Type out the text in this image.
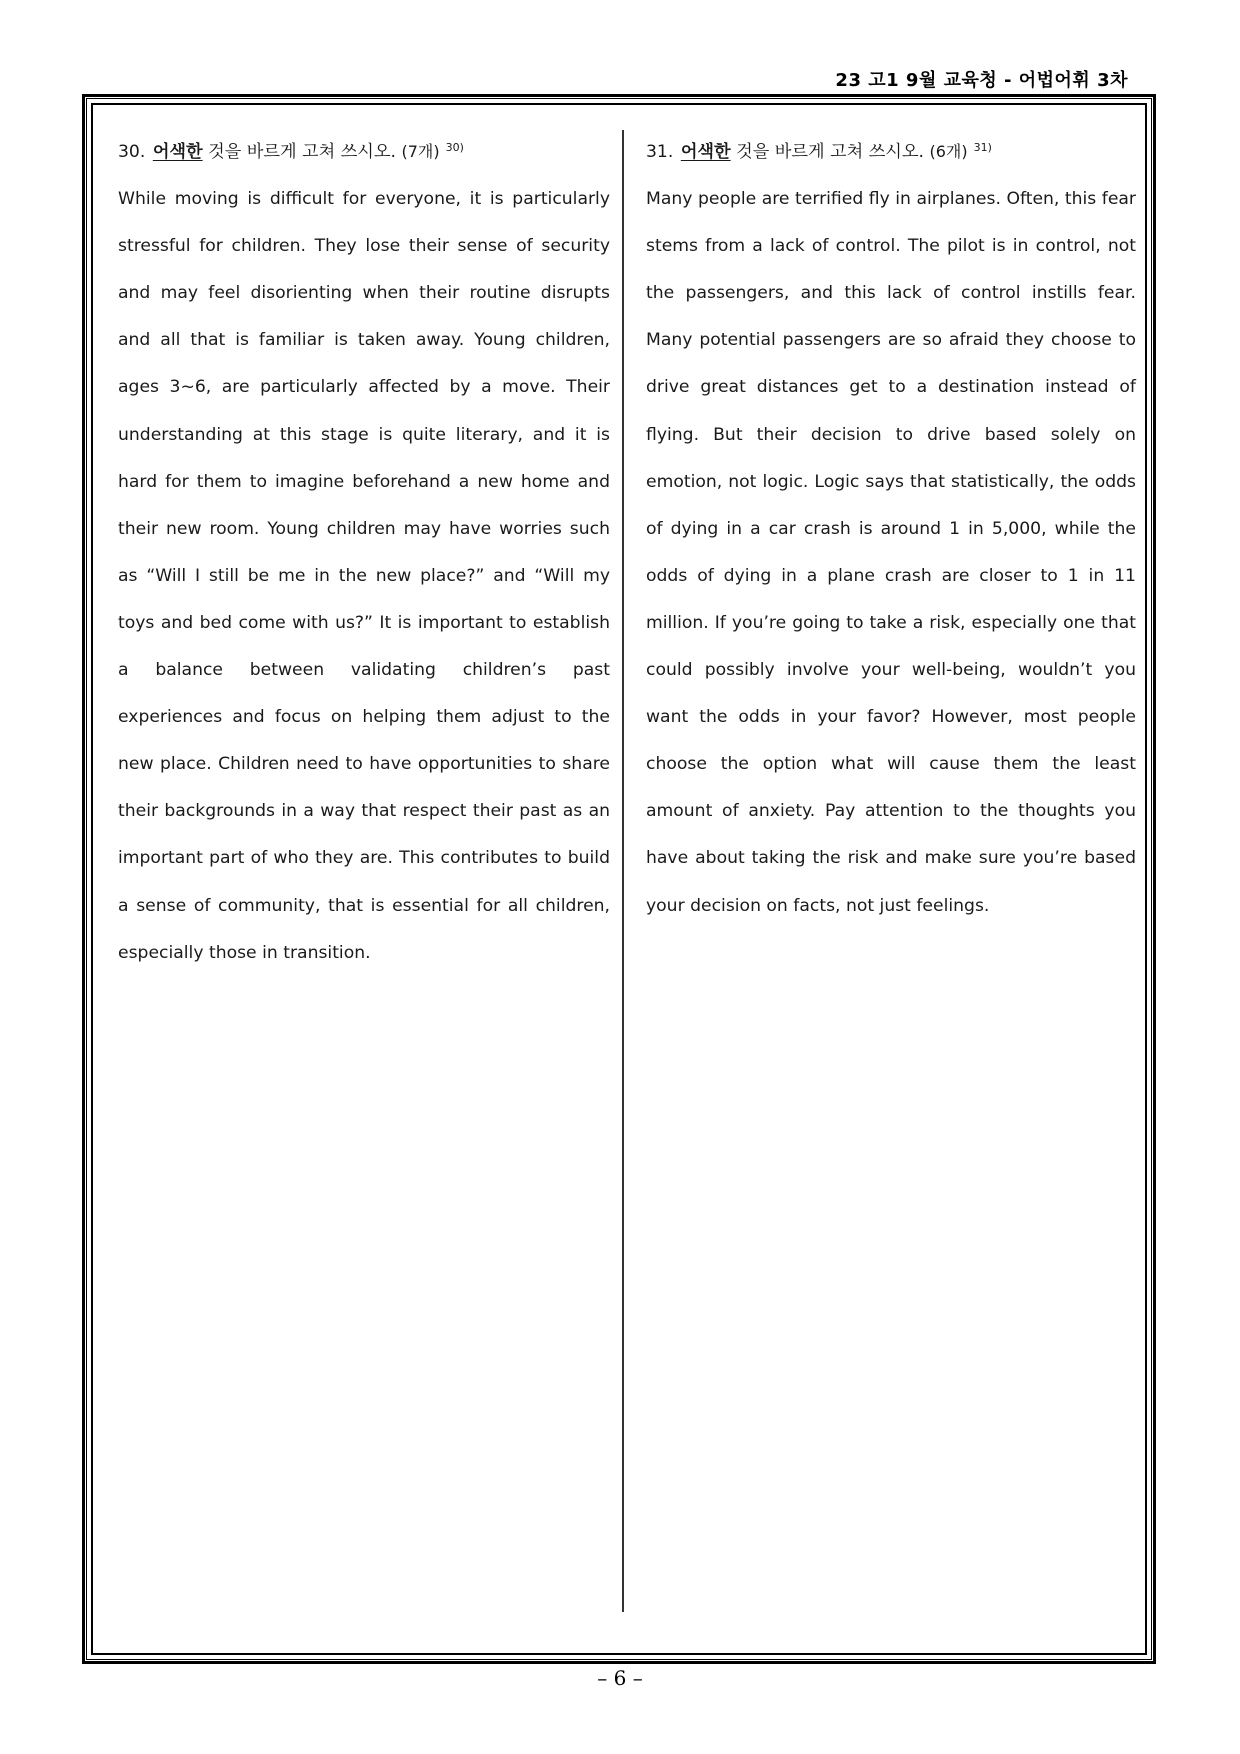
23 고1 9월 교육청 - 어법어휘 3차

30. 어색한 것을 바르게 고쳐 쓰시오. (7개) $^{30)}$

While moving is difficult for everyone, it is particularly stressful for children. They lose their sense of security and may feel disorienting when their routine disrupts and all that is familiar is taken away. Young children, ages 3~6, are particularly affected by a move. Their understanding at this stage is quite literary, and it is hard for them to imagine beforehand a new home and their new room. Young children may have worries such as “Will I still be me in the new place?” and “Will my toys and bed come with us?” It is important to establish a balance between validating children’s past experiences and focus on helping them adjust to the new place. Children need to have opportunities to share their backgrounds in a way that respect their past as an important part of who they are. This contributes to build a sense of community, that is essential for all children, especially those in transition.

31. 어색한 것을 바르게 고쳐 쓰시오. (6개) $^{31)}$

Many people are terrified fly in airplanes. Often, this fear stems from a lack of control. The pilot is in control, not the passengers, and this lack of control instills fear. Many potential passengers are so afraid they choose to drive great distances get to a destination instead of flying. But their decision to drive based solely on emotion, not logic. Logic says that statistically, the odds of dying in a car crash is around 1 in 5,000, while the odds of dying in a plane crash are closer to 1 in 11 million. If you’re going to take a risk, especially one that could possibly involve your well-being, wouldn’t you want the odds in your favor? However, most people choose the option what will cause them the least amount of anxiety. Pay attention to the thoughts you have about taking the risk and make sure you’re based your decision on facts, not just feelings.

– 6 –
